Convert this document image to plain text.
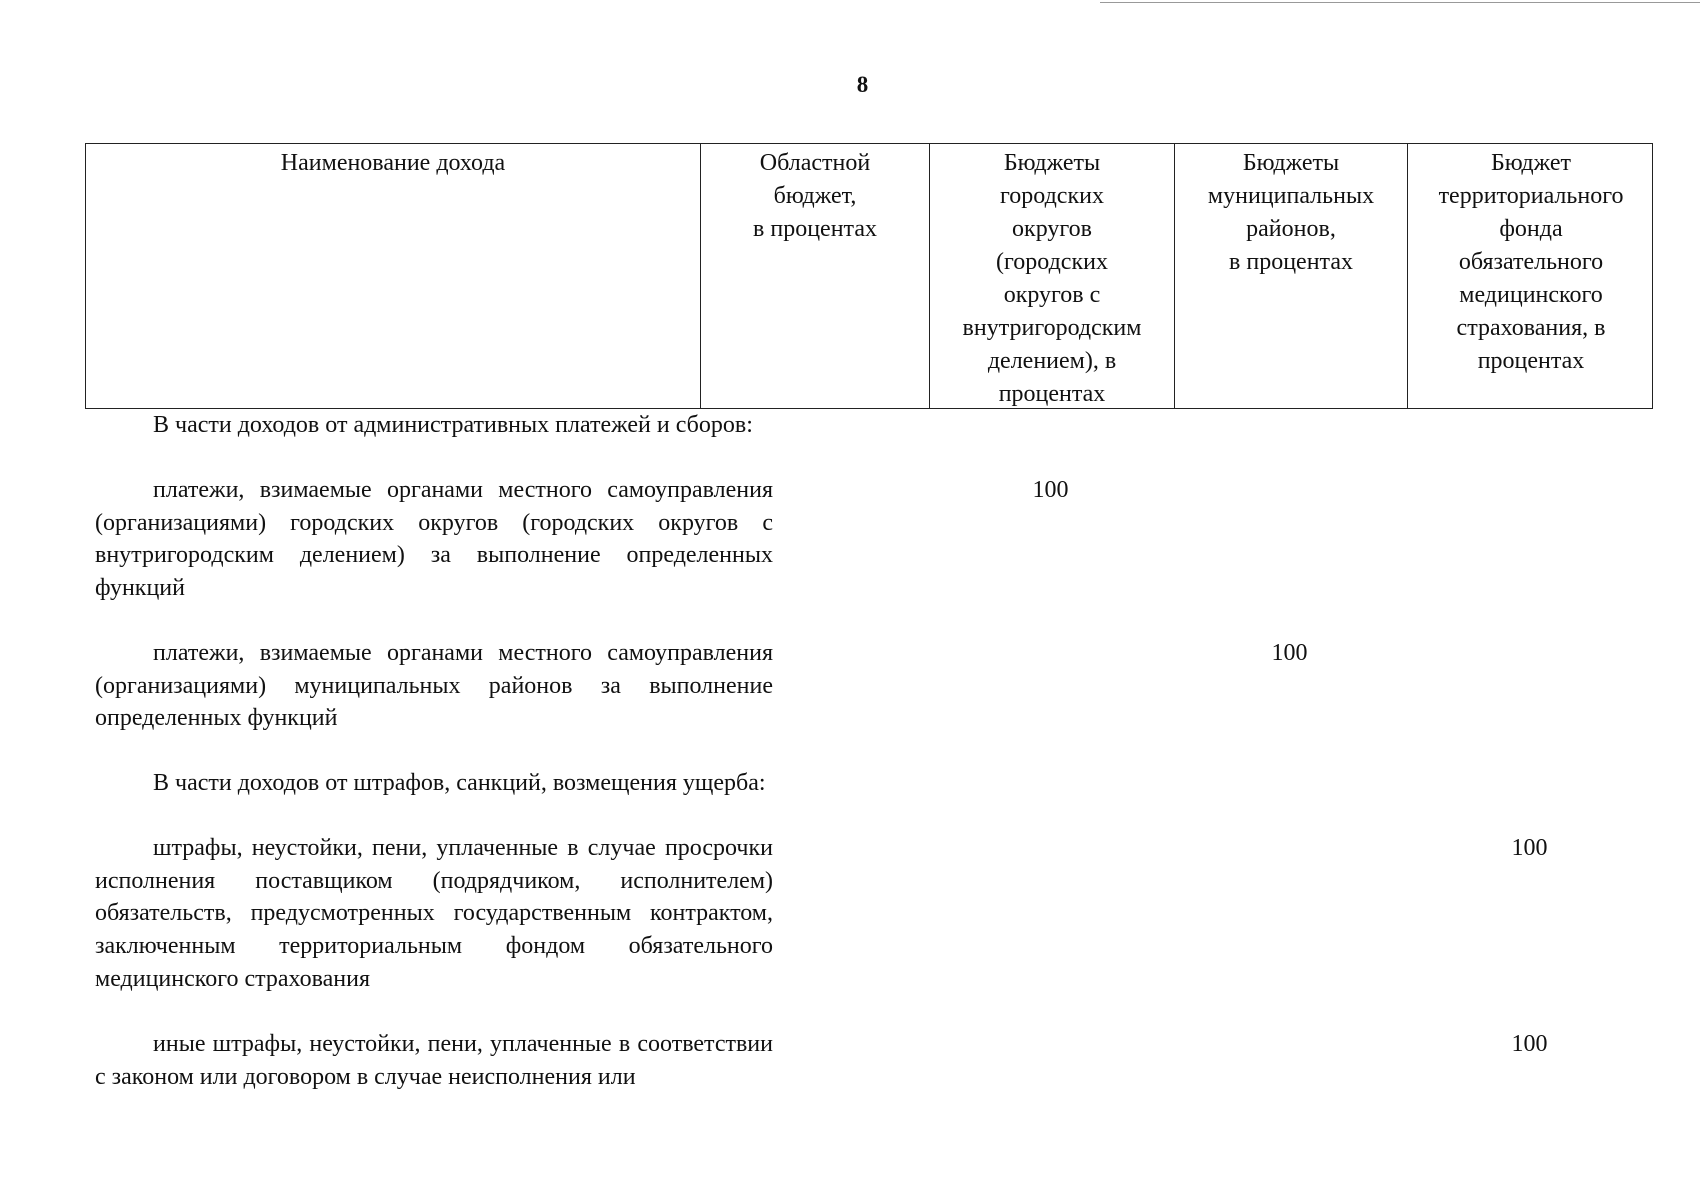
8
Наименование дохода	Областной
бюджет,
в процентах
Бюджеты
городских
округов
(городских
округов с
внутригородским
делением), в
процентах
Бюджеты
муниципальных
районов,
в процентах
Бюджет
территориального
фонда
обязательного
медицинского
страхования, в
процентах
В части доходов от административных платежей и сборов:
платежи, взимаемые органами местного самоуправления (организациями) городских округов (городских округов с внутригородским делением) за выполнение определенных функций
100
платежи, взимаемые органами местного самоуправления (организациями) муниципальных районов за выполнение определенных функций
100
В части доходов от штрафов, санкций, возмещения ущерба:
штрафы, неустойки, пени, уплаченные в случае просрочки исполнения поставщиком (подрядчиком, исполнителем) обязательств, предусмотренных государственным контрактом, заключенным территориальным фондом обязательного медицинского страхования
100
иные штрафы, неустойки, пени, уплаченные в соответствии с законом или договором в случае неисполнения или
100
